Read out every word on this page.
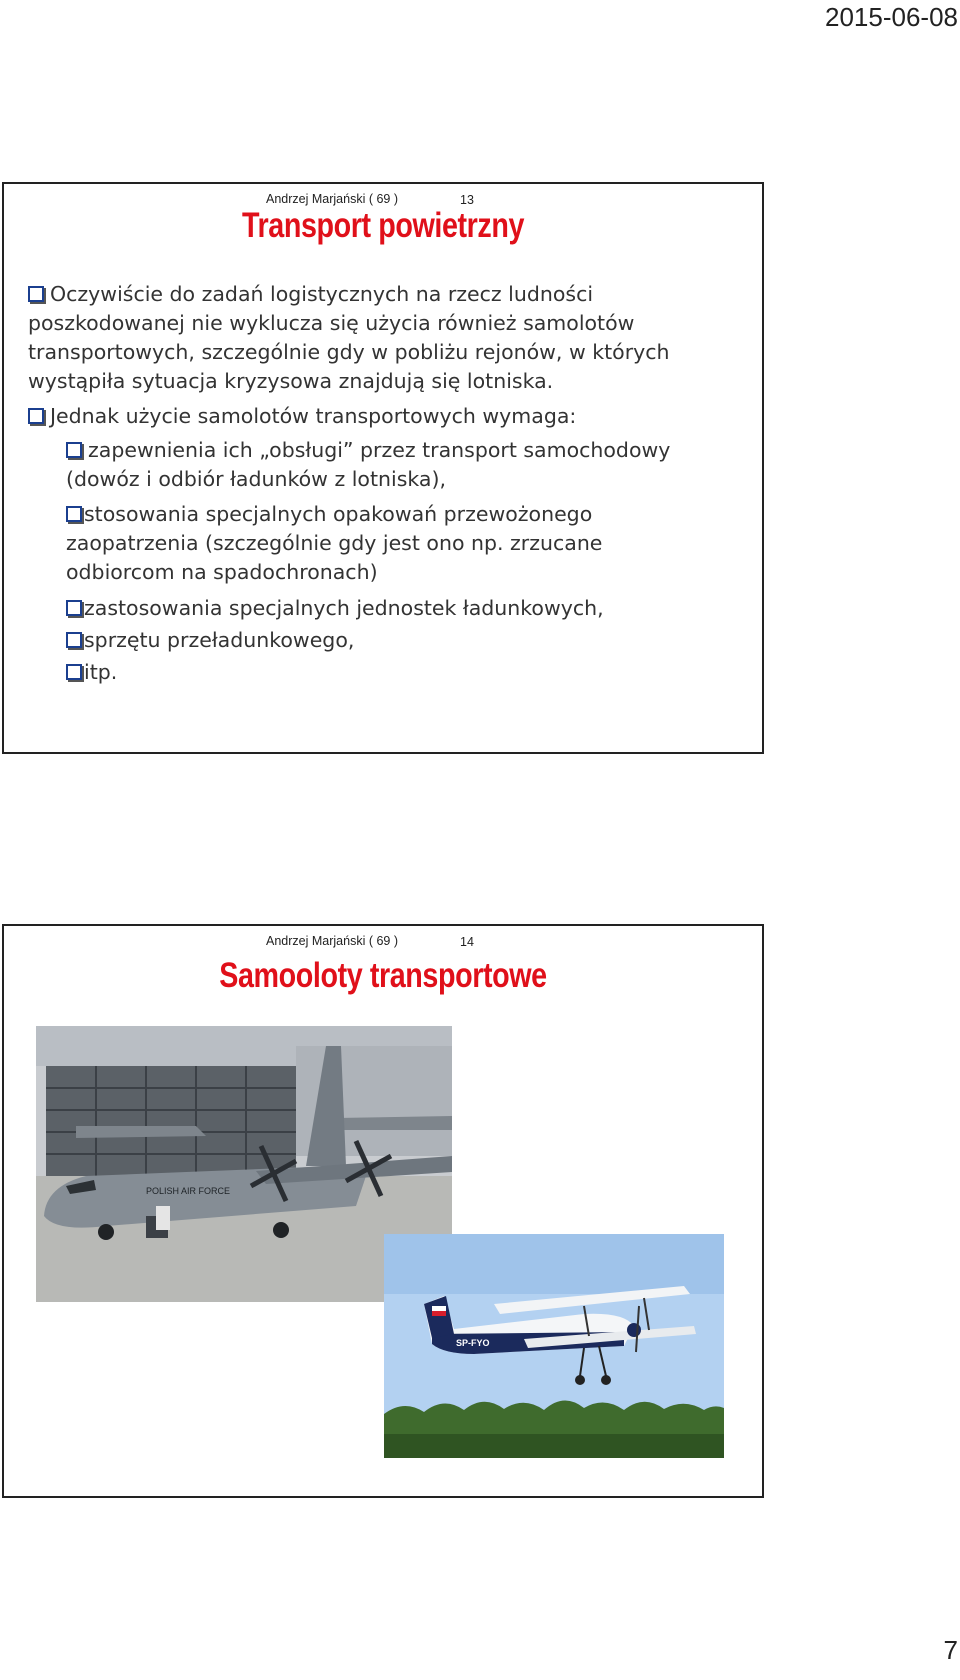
2015-06-08
Andrzej Marjański ( 69 )	13
Transport powietrzny
Oczywiście do zadań logistycznych na rzecz ludności poszkodowanej nie wyklucza się użycia również samolotów transportowych, szczególnie gdy w pobliżu rejonów, w których wystąpiła sytuacja kryzysowa znajdują się lotniska.
Jednak użycie samolotów transportowych wymaga:
zapewnienia ich „obsługi” przez transport samochodowy (dowóz i odbiór ładunków z lotniska),
stosowania specjalnych opakowań przewożonego zaopatrzenia (szczególnie gdy jest ono np. zrzucane odbiorcom na spadochronach)
zastosowania specjalnych jednostek ładunkowych,
sprzętu przeładunkowego,
itp.
Andrzej Marjański ( 69 )	14
Samooloty transportowe
POLISH AIR FORCE
SP-FYO
7
